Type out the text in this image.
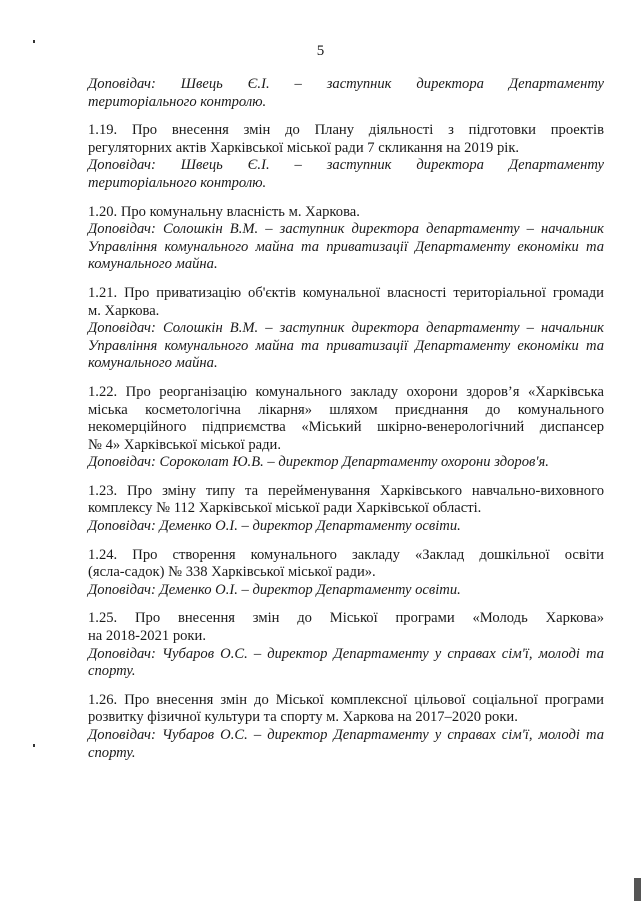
5
Доповідач: Швець Є.І. – заступник директора Департаменту
територіального контролю.
1.19. Про внесення змін до Плану діяльності з підготовки проектів
регуляторних актів Харківської міської ради 7 скликання на 2019 рік.
Доповідач: Швець Є.І. – заступник директора Департаменту
територіального контролю.
1.20. Про комунальну власність м. Харкова.
Доповідач: Солошкін В.М. – заступник директора департаменту – начальник
Управління комунального майна та приватизації Департаменту економіки та
комунального майна.
1.21. Про приватизацію об'єктів комунальної власності територіальної громади
м. Харкова.
Доповідач: Солошкін В.М. – заступник директора департаменту – начальник
Управління комунального майна та приватизації Департаменту економіки та
комунального майна.
1.22. Про реорганізацію комунального закладу охорони здоров’я «Харківська
міська косметологічна лікарня» шляхом приєднання до комунального
некомерційного підприємства «Міський шкірно-венерологічний диспансер
№ 4» Харківської міської ради.
Доповідач: Сороколат Ю.В. – директор Департаменту охорони здоров'я.
1.23. Про зміну типу та перейменування Харківського навчально-виховного
комплексу № 112 Харківської міської ради Харківської області.
Доповідач: Деменко О.І. – директор Департаменту освіти.
1.24. Про створення комунального закладу «Заклад дошкільної освіти
(ясла-садок) № 338 Харківської міської ради».
Доповідач: Деменко О.І. – директор Департаменту освіти.
1.25. Про внесення змін до Міської програми «Молодь Харкова»
на 2018-2021 роки.
Доповідач: Чубаров О.С. – директор Департаменту у справах сім'ї, молоді та
спорту.
1.26. Про внесення змін до Міської комплексної цільової соціальної програми
розвитку фізичної культури та спорту м. Харкова на 2017–2020 роки.
Доповідач: Чубаров О.С. – директор Департаменту у справах сім'ї, молоді та
спорту.
